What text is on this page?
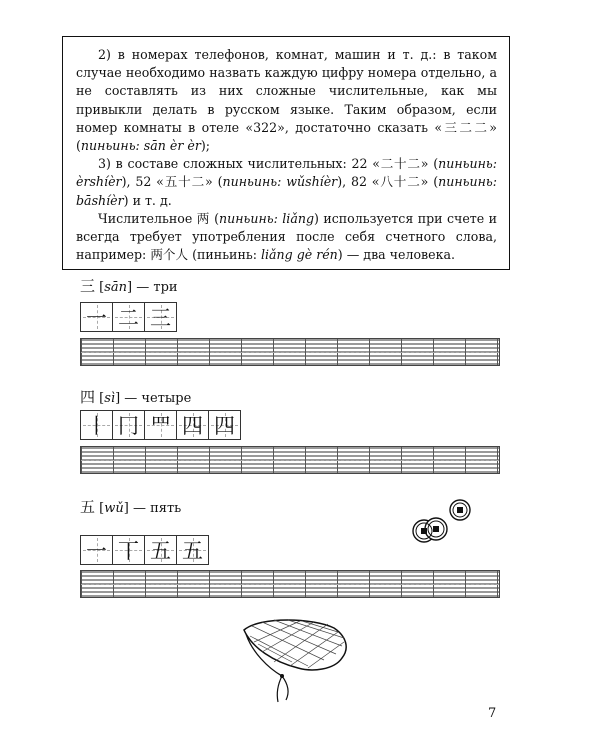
2) в номерах телефонов, комнат, машин и т. д.: в таком случае необходимо назвать каждую цифру номера отдельно, а не составлять из них сложные числительные, как мы привыкли делать в русском языке. Таким образом, если номер комнаты в отеле «322», достаточно сказать «三二二» (пиньинь: sān èr èr);

3) в составе сложных числительных: 22 «二十二» (пиньинь: èrshíèr), 52 «五十二» (пиньинь: wǔshíèr), 82 «八十二» (пиньинь: bāshíèr) и т. д.

Числительное 两 (пиньинь: liǎng) используется при счете и всегда требует употребления после себя счетного слова, например: 两个人 (пиньинь: liǎng gè rén) — два человека.

三 [sān] — три
一 二 三
四 [sì] — четыре
丨 冂 罒 四 四
五 [wǔ] — пять
一 丅 五 五
7
